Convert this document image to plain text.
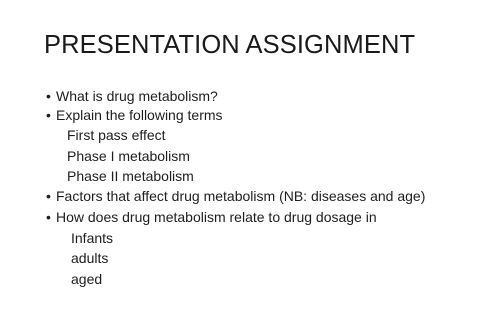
PRESENTATION ASSIGNMENT
• What is drug metabolism?
• Explain the following terms
First pass effect
Phase I metabolism
Phase II metabolism
• Factors that affect drug metabolism (NB: diseases and age)
• How does drug metabolism relate to drug dosage in
Infants
adults
aged
